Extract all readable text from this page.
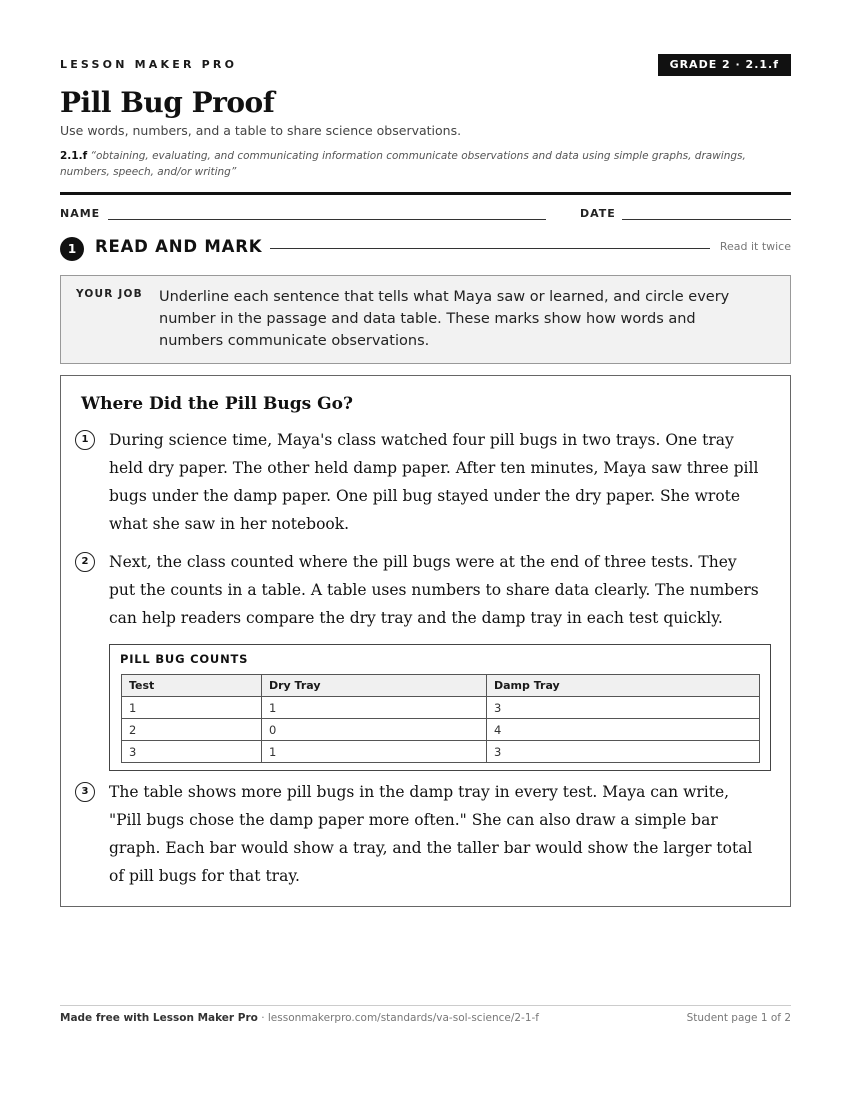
LESSON MAKER PRO	GRADE 2 · 2.1.f
Pill Bug Proof
Use words, numbers, and a table to share science observations.
2.1.f “obtaining, evaluating, and communicating information communicate observations and data using simple graphs, drawings, numbers, speech, and/or writing”
NAME	DATE
1	READ AND MARK	Read it twice
YOUR JOB Underline each sentence that tells what Maya saw or learned, and circle every number in the passage and data table. These marks show how words and numbers communicate observations.
Where Did the Pill Bugs Go?
1	During science time, Maya's class watched four pill bugs in two trays. One tray held dry paper. The other held damp paper. After ten minutes, Maya saw three pill bugs under the damp paper. One pill bug stayed under the dry paper. She wrote what she saw in her notebook.
2	Next, the class counted where the pill bugs were at the end of three tests. They put the counts in a table. A table uses numbers to share data clearly. The numbers can help readers compare the dry tray and the damp tray in each test quickly.
PILL BUG COUNTS
Test	Dry Tray	Damp Tray
1	1	3
2	0	4
3	1	3
3	The table shows more pill bugs in the damp tray in every test. Maya can write, "Pill bugs chose the damp paper more often." She can also draw a simple bar graph. Each bar would show a tray, and the taller bar would show the larger total of pill bugs for that tray.
Made free with Lesson Maker Pro · lessonmakerpro.com/standards/va-sol-science/2-1-f	Student page 1 of 2
